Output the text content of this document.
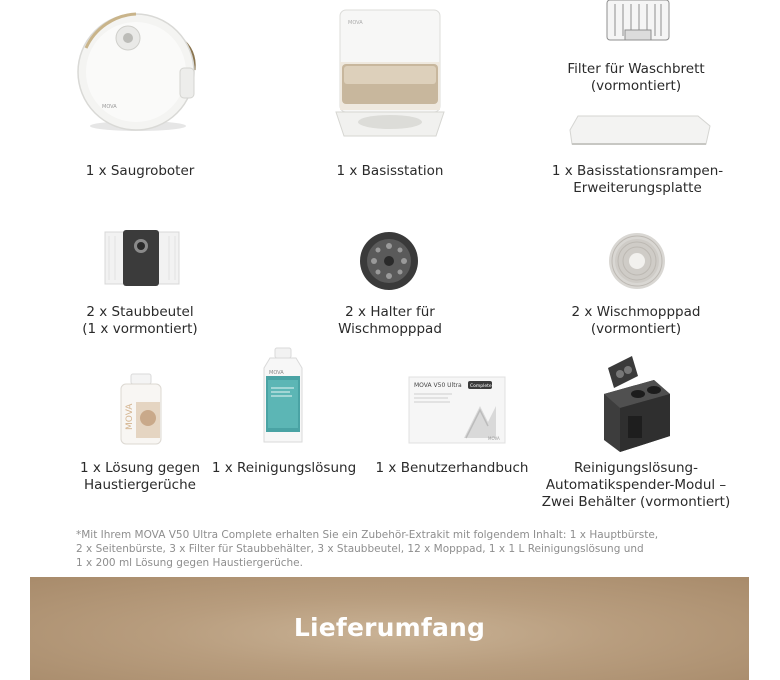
MOVA
1 x Saugroboter
MOVA
1 x Basisstation
Filter für Waschbrett
(vormontiert)
1 x Basisstationsrampen-
Erweiterungsplatte
2 x Staubbeutel
(1 x vormontiert)
2 x Halter für
Wischmopppad
2 x Wischmopppad
(vormontiert)
MOVA
1 x Lösung gegen
Haustiergerüche
MOVA
1 x Reinigungslösung
MOVA V50 Ultra Complete
MOVA
1 x Benutzerhandbuch	Reinigungslösung-
Automatikspender-Modul –
Zwei Behälter (vormontiert)
*Mit Ihrem MOVA V50 Ultra Complete erhalten Sie ein Zubehör-Extrakit mit folgendem Inhalt: 1 x Hauptbürste,
2 x Seitenbürste, 3 x Filter für Staubbehälter, 3 x Staubbeutel, 12 x Mopppad, 1 x 1 L Reinigungslösung und
1 x 200 ml Lösung gegen Haustiergerüche.
Lieferumfang
